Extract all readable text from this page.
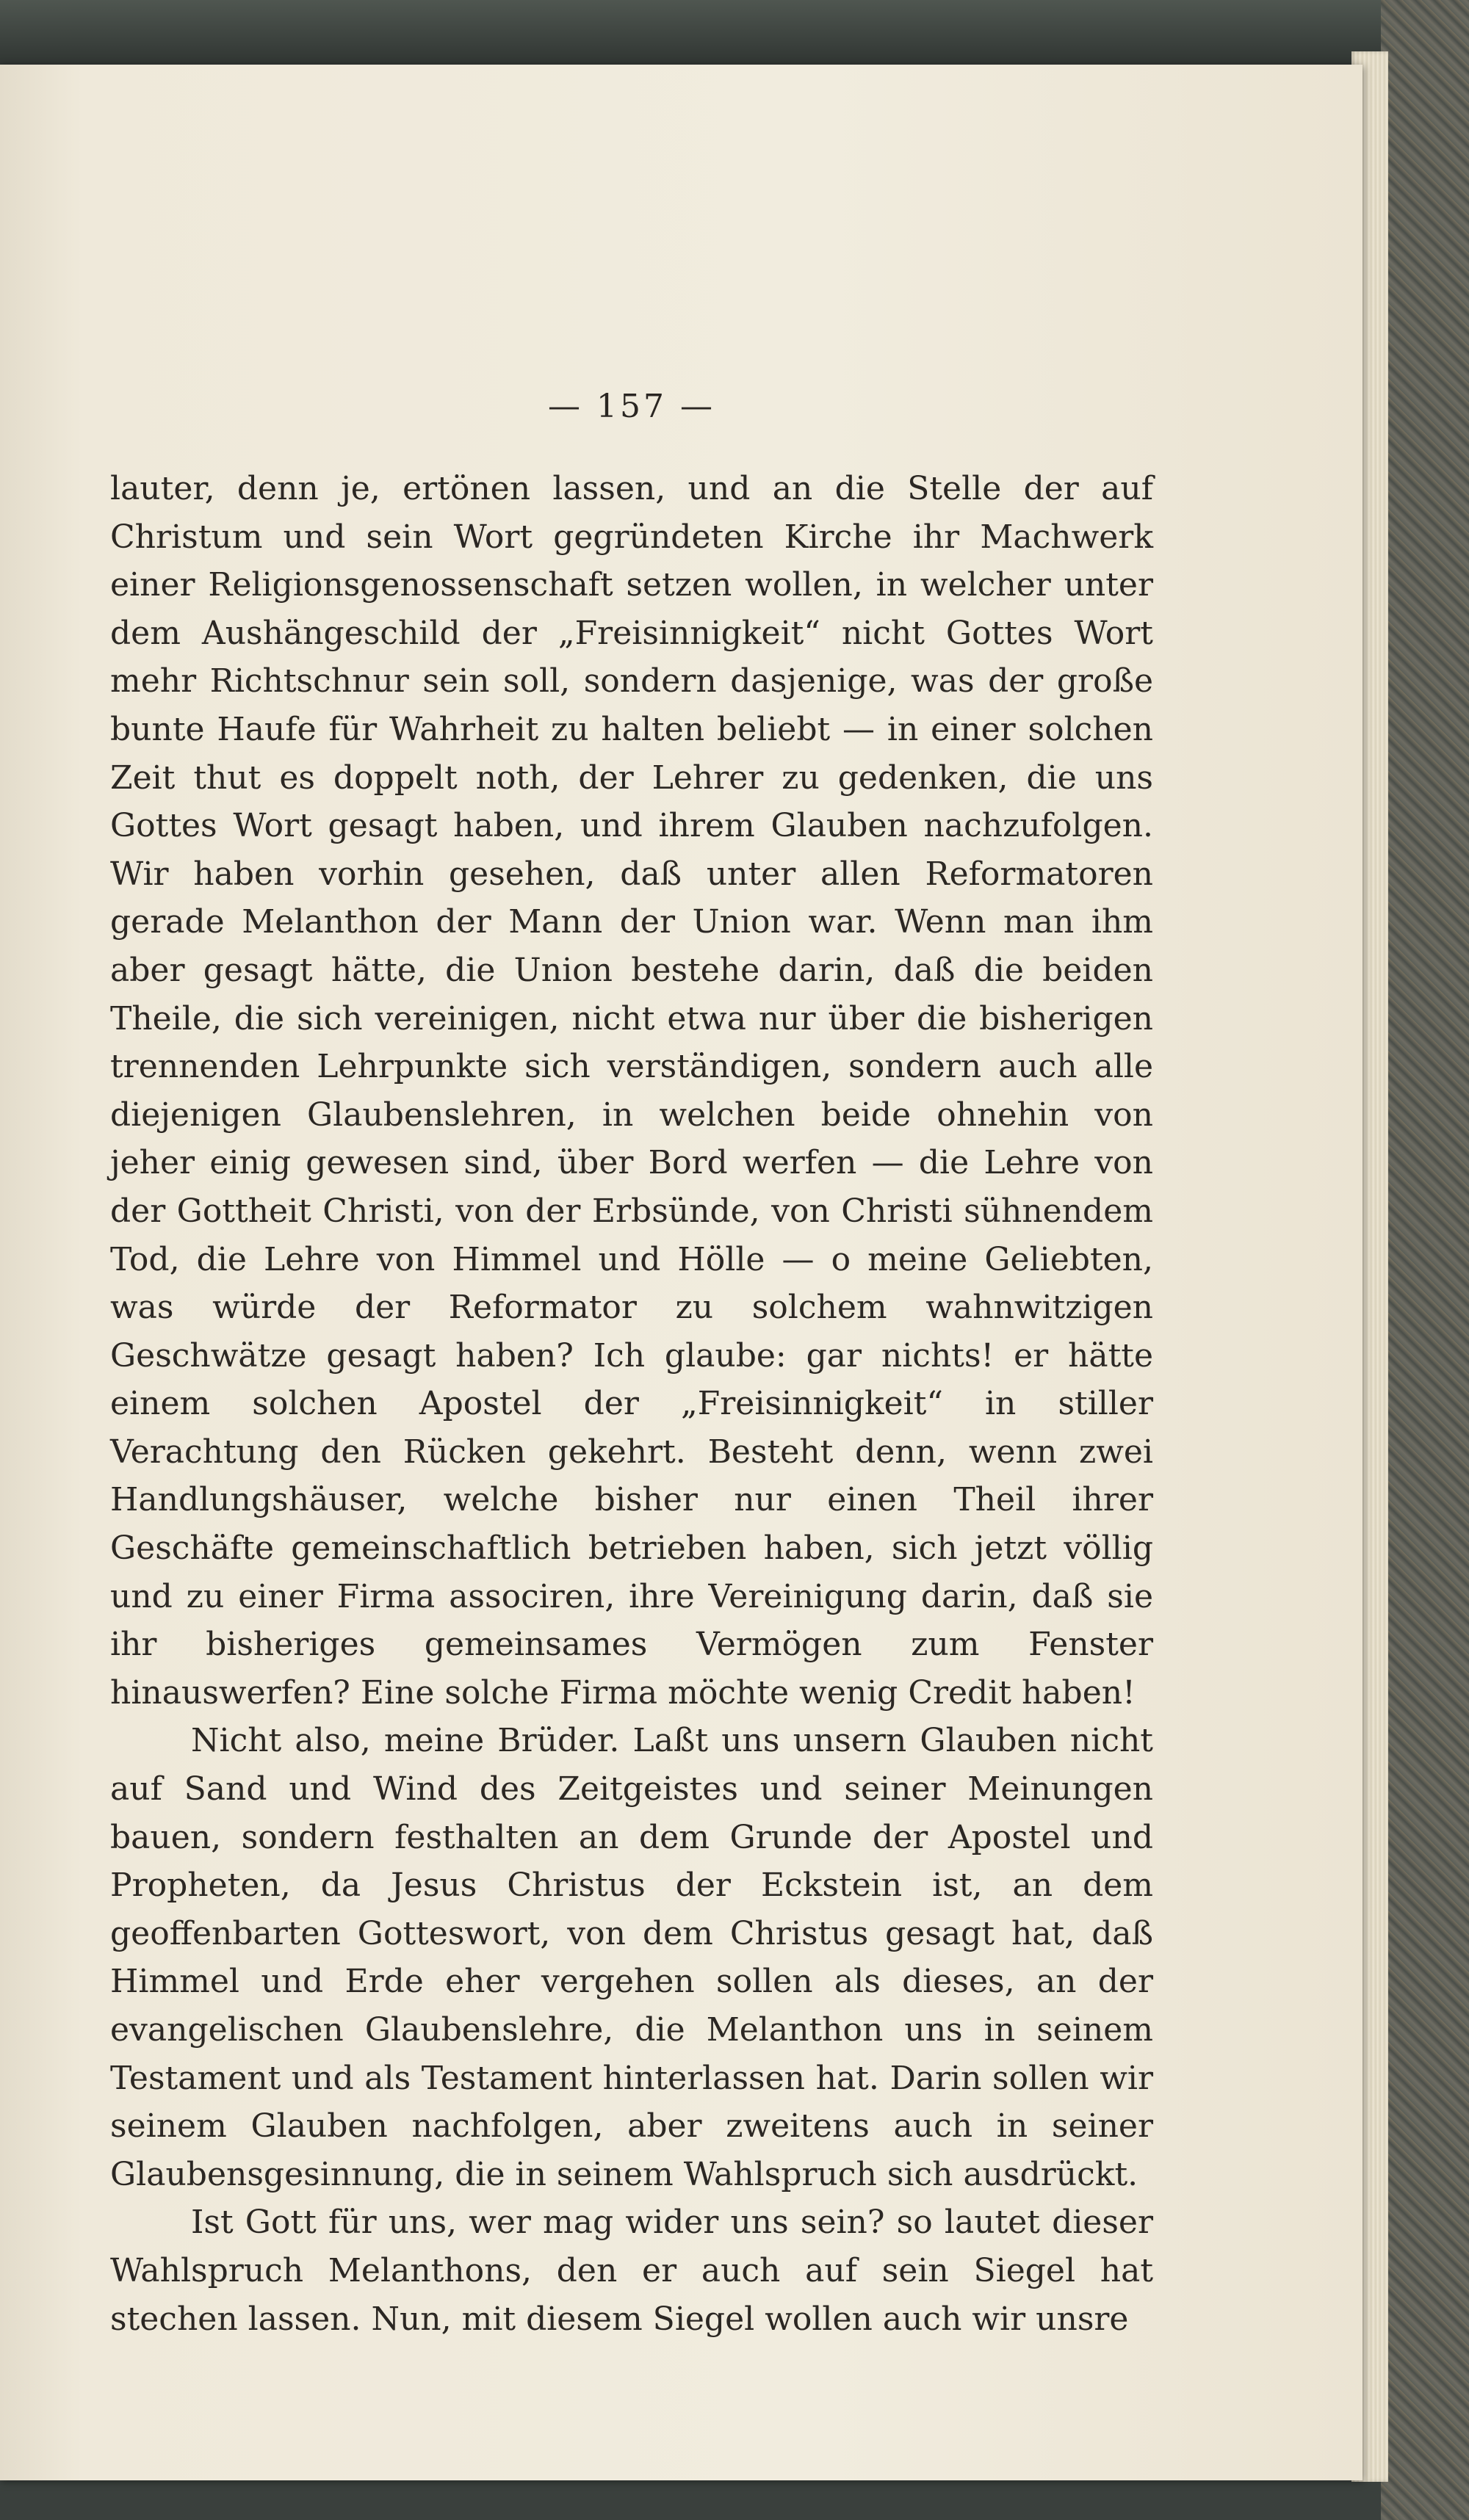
— 157 —

lauter, denn je, ertönen lassen, und an die Stelle der auf Christum und sein Wort gegründeten Kirche ihr Machwerk einer Religionsgenossenschaft setzen wollen, in welcher unter dem Aushängeschild der „Freisinnigkeit“ nicht Gottes Wort mehr Richtschnur sein soll, sondern dasjenige, was der große bunte Haufe für Wahrheit zu halten beliebt — in einer solchen Zeit thut es doppelt noth, der Lehrer zu gedenken, die uns Gottes Wort gesagt haben, und ihrem Glauben nachzufolgen. Wir haben vorhin gesehen, daß unter allen Reformatoren gerade Melanthon der Mann der Union war. Wenn man ihm aber gesagt hätte, die Union bestehe darin, daß die beiden Theile, die sich vereinigen, nicht etwa nur über die bisherigen trennenden Lehrpunkte sich verständigen, sondern auch alle diejenigen Glaubenslehren, in welchen beide ohnehin von jeher einig gewesen sind, über Bord werfen — die Lehre von der Gottheit Christi, von der Erbsünde, von Christi sühnendem Tod, die Lehre von Himmel und Hölle — o meine Geliebten, was würde der Reformator zu solchem wahnwitzigen Geschwätze gesagt haben? Ich glaube: gar nichts! er hätte einem solchen Apostel der „Freisinnigkeit“ in stiller Verachtung den Rücken gekehrt. Besteht denn, wenn zwei Handlungshäuser, welche bisher nur einen Theil ihrer Geschäfte gemeinschaftlich betrieben haben, sich jetzt völlig und zu einer Firma associren, ihre Vereinigung darin, daß sie ihr bisheriges gemeinsames Vermögen zum Fenster hinauswerfen? Eine solche Firma möchte wenig Credit haben!

Nicht also, meine Brüder. Laßt uns unsern Glauben nicht auf Sand und Wind des Zeitgeistes und seiner Meinungen bauen, sondern festhalten an dem Grunde der Apostel und Propheten, da Jesus Christus der Eckstein ist, an dem geoffenbarten Gotteswort, von dem Christus gesagt hat, daß Himmel und Erde eher vergehen sollen als dieses, an der evangelischen Glaubenslehre, die Melanthon uns in seinem Testament und als Testament hinterlassen hat. Darin sollen wir seinem Glauben nachfolgen, aber zweitens auch in seiner Glaubensgesinnung, die in seinem Wahlspruch sich ausdrückt.

Ist Gott für uns, wer mag wider uns sein? so lautet dieser Wahlspruch Melanthons, den er auch auf sein Siegel hat stechen lassen. Nun, mit diesem Siegel wollen auch wir unsre
